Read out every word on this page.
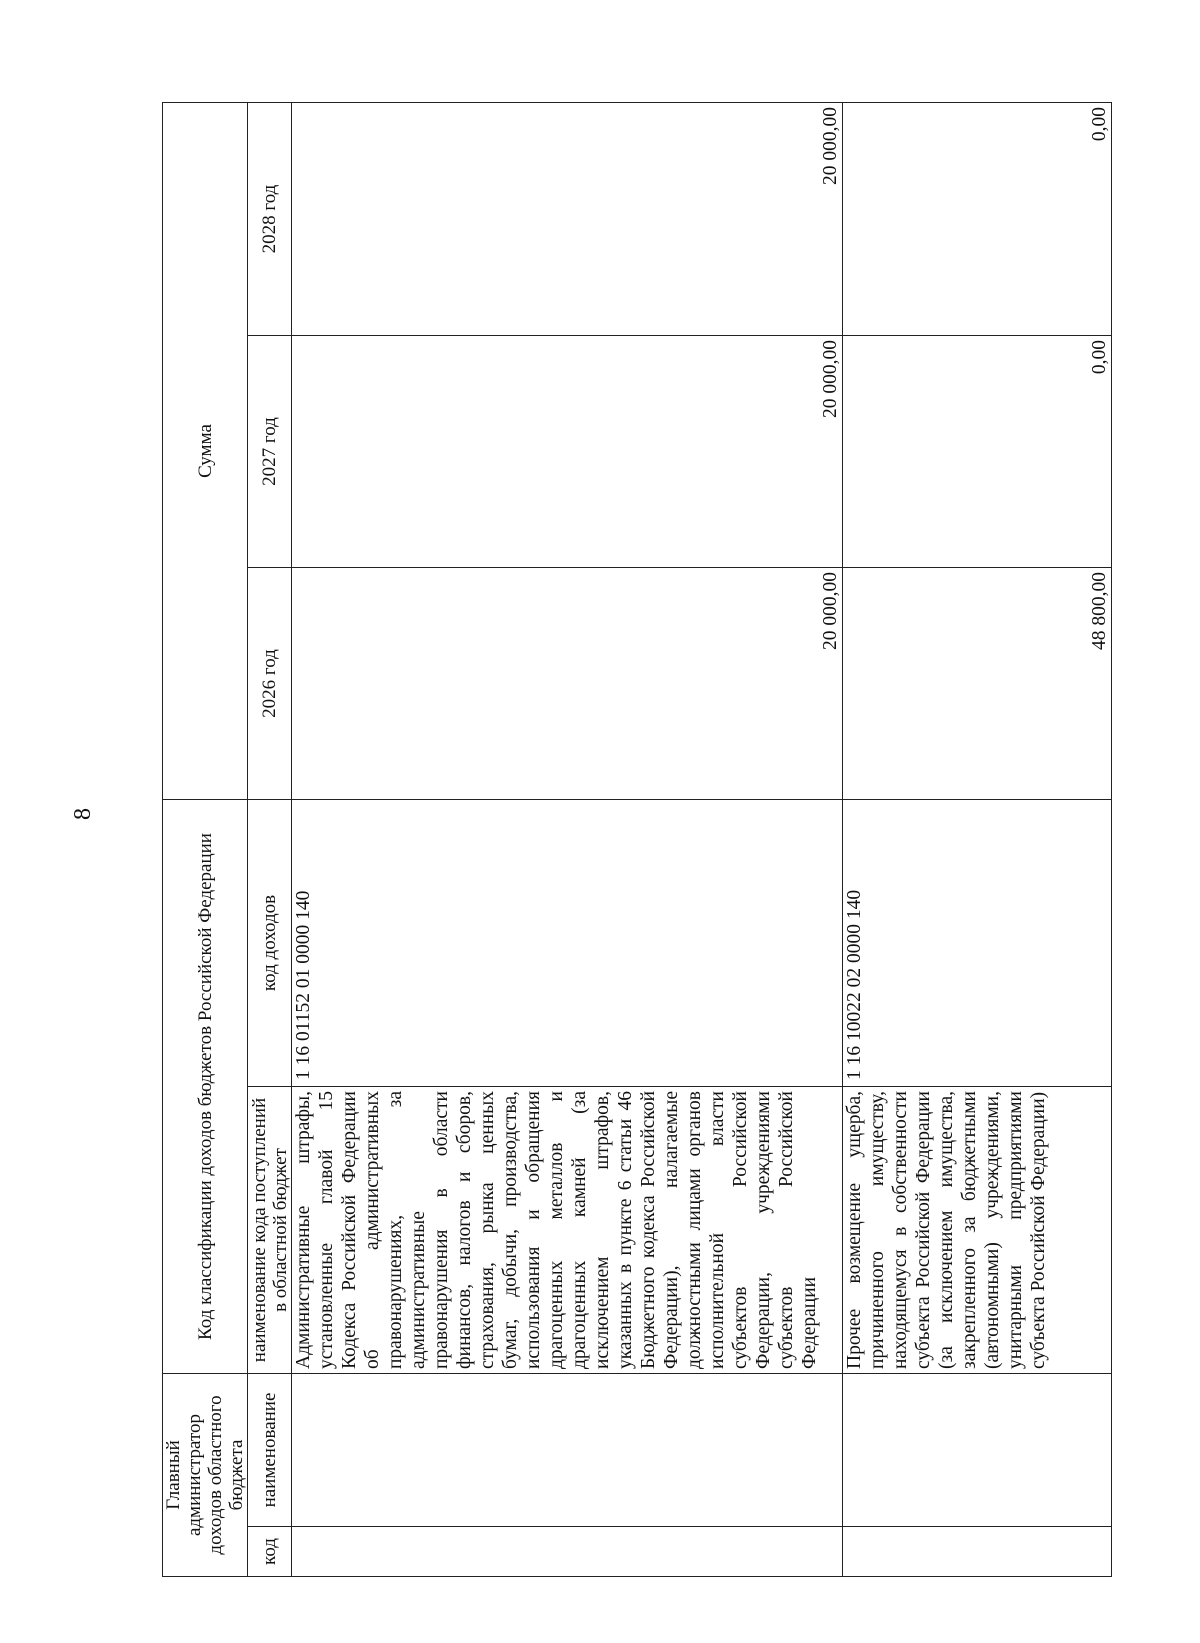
8
Главный администратор доходов областного бюджета		Код классификации доходов бюджетов Российской Федерации		Сумма		
код	наименование	наименование кода поступлений в областной бюджет	код доходов	2026 год	2027 год	2028 год
		Административные штрафы, установленные главой 15 Кодекса Российской Федерации об административных правонарушениях, за административные правонарушения в области финансов, налогов и сборов, страхования, рынка ценных бумаг, добычи, производства, использования и обращения драгоценных металлов и драгоценных камней (за исключением штрафов, указанных в пункте 6 статьи 46 Бюджетного кодекса Российской Федерации), налагаемые должностными лицами органов исполнительной власти субъектов Российской Федерации, учреждениями субъектов Российской Федерации	1 16 01152 01 0000 140	20 000,00	20 000,00	20 000,00
		Прочее возмещение ущерба, причиненного имуществу, находящемуся в собственности субъекта Российской Федерации (за исключением имущества, закрепленного за бюджетными (автономными) учреждениями, унитарными предприятиями субъекта Российской Федерации)	1 16 10022 02 0000 140	48 800,00	0,00	0,00
